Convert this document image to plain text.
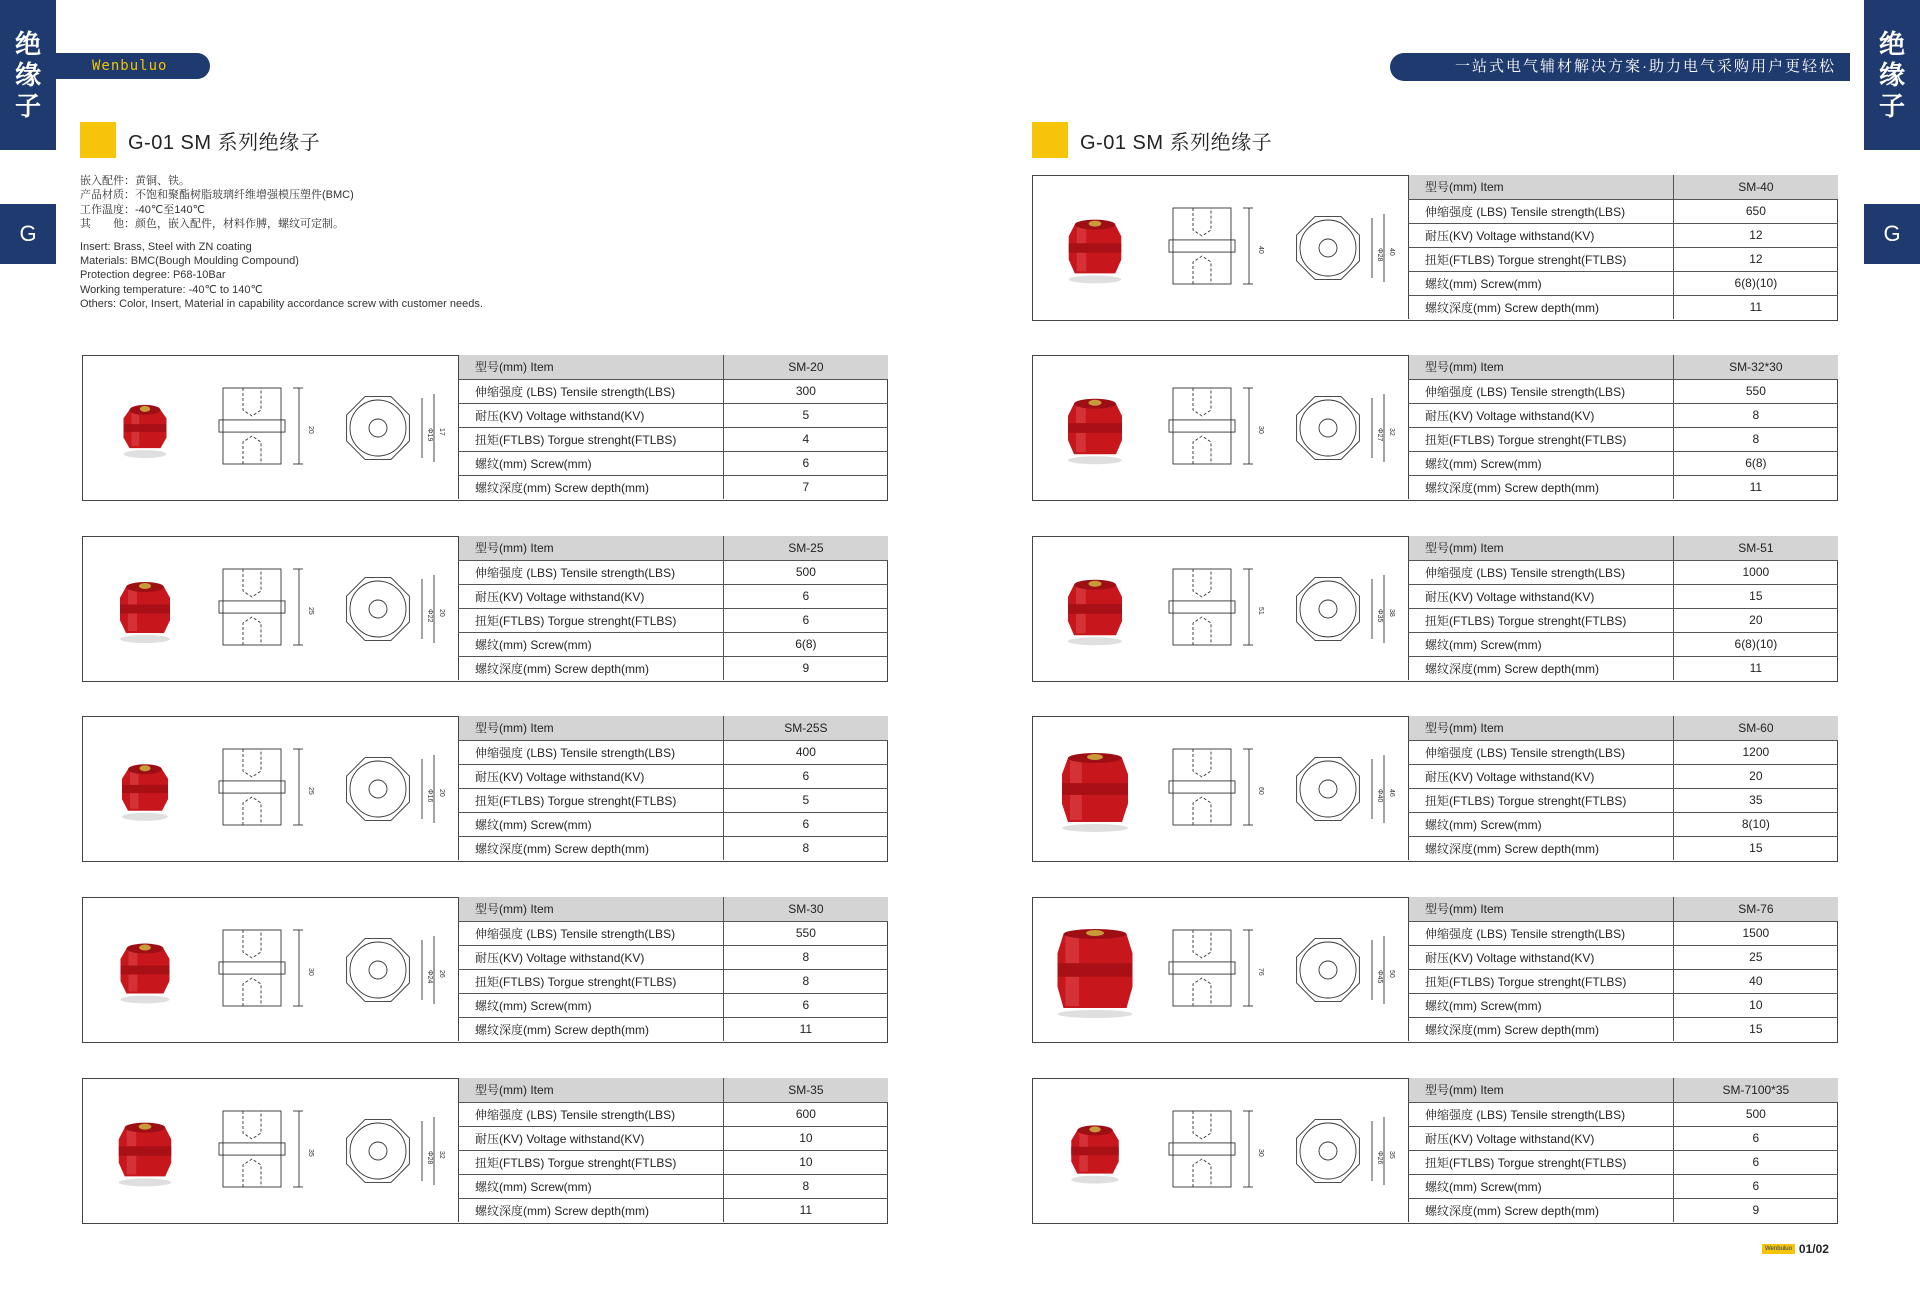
绝
缘
子
G
绝
缘
子
G
Wenbuluo	一站式电气辅材解决方案·助力电气采购用户更轻松
G-01 SM 系列绝缘子	G-01 SM 系列绝缘子
嵌入配件：黄铜、铁。
产品材质：不饱和聚酯树脂玻璃纤维增强模压塑件(BMC)
工作温度：-40℃至140℃
其　　他：颜色，嵌入配件，材料作膊，螺纹可定制。
Insert: Brass, Steel with ZN coating
Materials: BMC(Bough Moulding Compound)
Protection degree: P68-10Bar
Working temperature: -40℃ to 140℃
Others: Color, Insert, Material in capability accordance screw with customer needs.
20	Φ19 17
型号(mm) Item	SM-20
伸缩强度 (LBS) Tensile strength(LBS)	300
耐压(KV) Voltage withstand(KV)	5
扭矩(FTLBS) Torgue strenght(FTLBS)	4
螺纹(mm) Screw(mm)	6
螺纹深度(mm) Screw depth(mm)	7
25	Φ22 20
型号(mm) Item	SM-25
伸缩强度 (LBS) Tensile strength(LBS)	500
耐压(KV) Voltage withstand(KV)	6
扭矩(FTLBS) Torgue strenght(FTLBS)	6
螺纹(mm) Screw(mm)	6(8)
螺纹深度(mm) Screw depth(mm)	9
25	Φ16 20
型号(mm) Item	SM-25S
伸缩强度 (LBS) Tensile strength(LBS)	400
耐压(KV) Voltage withstand(KV)	6
扭矩(FTLBS) Torgue strenght(FTLBS)	5
螺纹(mm) Screw(mm)	6
螺纹深度(mm) Screw depth(mm)	8
30	Φ24 26
型号(mm) Item	SM-30
伸缩强度 (LBS) Tensile strength(LBS)	550
耐压(KV) Voltage withstand(KV)	8
扭矩(FTLBS) Torgue strenght(FTLBS)	8
螺纹(mm) Screw(mm)	6
螺纹深度(mm) Screw depth(mm)	11
35	Φ28 32
型号(mm) Item	SM-35
伸缩强度 (LBS) Tensile strength(LBS)	600
耐压(KV) Voltage withstand(KV)	10
扭矩(FTLBS) Torgue strenght(FTLBS)	10
螺纹(mm) Screw(mm)	8
螺纹深度(mm) Screw depth(mm)	11
40	Φ28 40
型号(mm) Item	SM-40
伸缩强度 (LBS) Tensile strength(LBS)	650
耐压(KV) Voltage withstand(KV)	12
扭矩(FTLBS) Torgue strenght(FTLBS)	12
螺纹(mm) Screw(mm)	6(8)(10)
螺纹深度(mm) Screw depth(mm)	11
30	Φ27 32
型号(mm) Item	SM-32*30
伸缩强度 (LBS) Tensile strength(LBS)	550
耐压(KV) Voltage withstand(KV)	8
扭矩(FTLBS) Torgue strenght(FTLBS)	8
螺纹(mm) Screw(mm)	6(8)
螺纹深度(mm) Screw depth(mm)	11
51	Φ35 38
型号(mm) Item	SM-51
伸缩强度 (LBS) Tensile strength(LBS)	1000
耐压(KV) Voltage withstand(KV)	15
扭矩(FTLBS) Torgue strenght(FTLBS)	20
螺纹(mm) Screw(mm)	6(8)(10)
螺纹深度(mm) Screw depth(mm)	11
60	Φ40 46
型号(mm) Item	SM-60
伸缩强度 (LBS) Tensile strength(LBS)	1200
耐压(KV) Voltage withstand(KV)	20
扭矩(FTLBS) Torgue strenght(FTLBS)	35
螺纹(mm) Screw(mm)	8(10)
螺纹深度(mm) Screw depth(mm)	15
76	Φ45 50
型号(mm) Item	SM-76
伸缩强度 (LBS) Tensile strength(LBS)	1500
耐压(KV) Voltage withstand(KV)	25
扭矩(FTLBS) Torgue strenght(FTLBS)	40
螺纹(mm) Screw(mm)	10
螺纹深度(mm) Screw depth(mm)	15
30	Φ26 35
型号(mm) Item	SM-7100*35
伸缩强度 (LBS) Tensile strength(LBS)	500
耐压(KV) Voltage withstand(KV)	6
扭矩(FTLBS) Torgue strenght(FTLBS)	6
螺纹(mm) Screw(mm)	6
螺纹深度(mm) Screw depth(mm)	9
Wenbuluo 01/02
